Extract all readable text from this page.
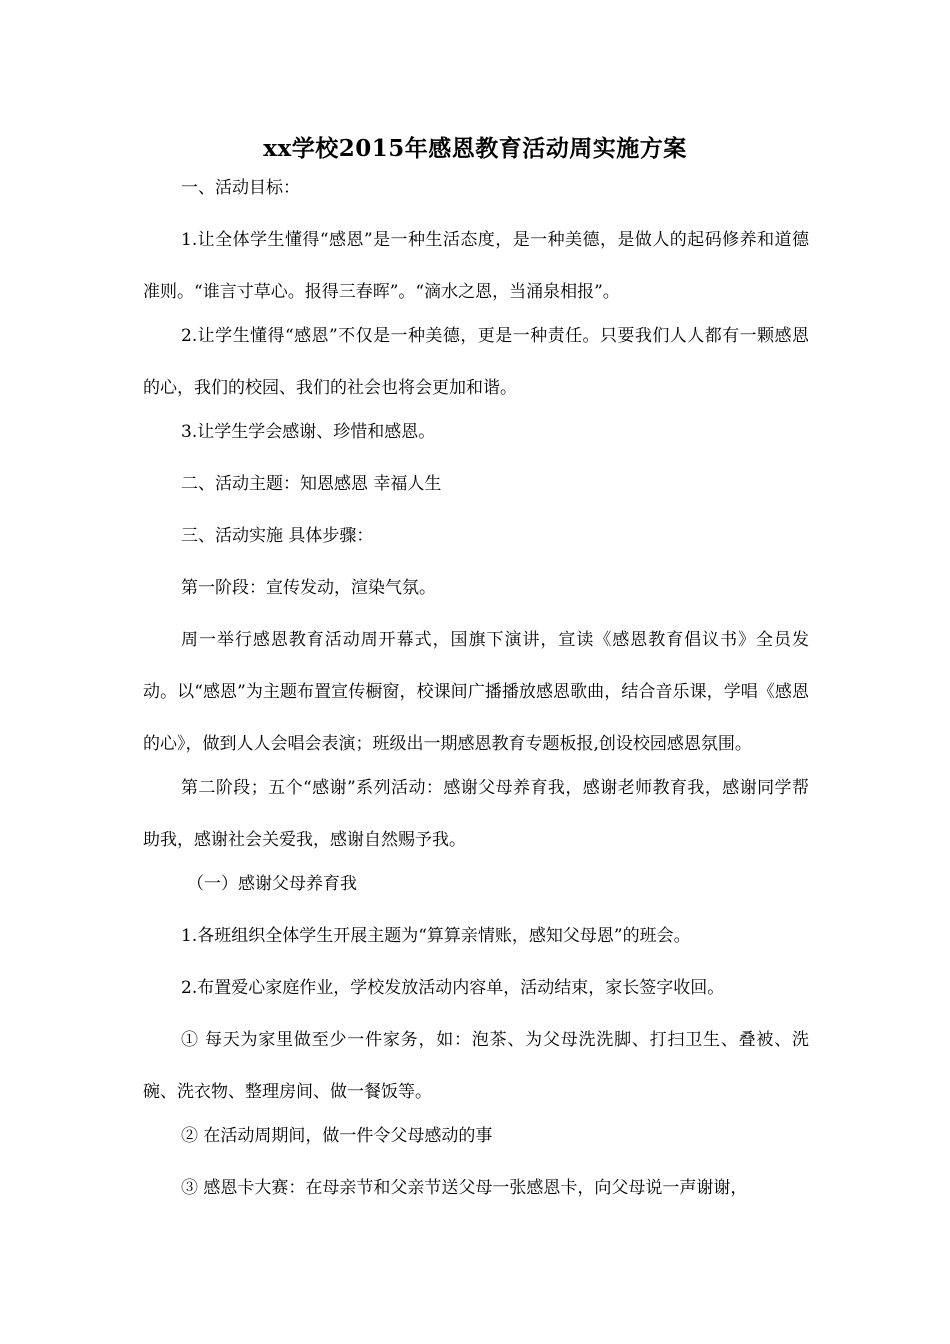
xx学校2015年感恩教育活动周实施方案

一、活动目标：

1.让全体学生懂得“感恩”是一种生活态度，是一种美德，是做人的起码修养和道德准则。“谁言寸草心。报得三春晖”。“滴水之恩，当涌泉相报”。

2.让学生懂得“感恩”不仅是一种美德，更是一种责任。只要我们人人都有一颗感恩的心，我们的校园、我们的社会也将会更加和谐。

3.让学生学会感谢、珍惜和感恩。

二、活动主题：知恩感恩 幸福人生

三、活动实施 具体步骤：

第一阶段：宣传发动，渲染气氛。

周一举行感恩教育活动周开幕式，国旗下演讲，宣读《感恩教育倡议书》全员发动。以“感恩”为主题布置宣传橱窗，校课间广播播放感恩歌曲，结合音乐课，学唱《感恩的心》，做到人人会唱会表演；班级出一期感恩教育专题板报,创设校园感恩氛围。

第二阶段；五个“感谢”系列活动：感谢父母养育我，感谢老师教育我，感谢同学帮助我，感谢社会关爱我，感谢自然赐予我。

（一）感谢父母养育我

1.各班组织全体学生开展主题为“算算亲情账，感知父母恩”的班会。

2.布置爱心家庭作业，学校发放活动内容单，活动结束，家长签字收回。

① 每天为家里做至少一件家务，如：泡茶、为父母洗洗脚、打扫卫生、叠被、洗碗、洗衣物、整理房间、做一餐饭等。

② 在活动周期间，做一件令父母感动的事

③ 感恩卡大赛：在母亲节和父亲节送父母一张感恩卡，向父母说一声谢谢，
